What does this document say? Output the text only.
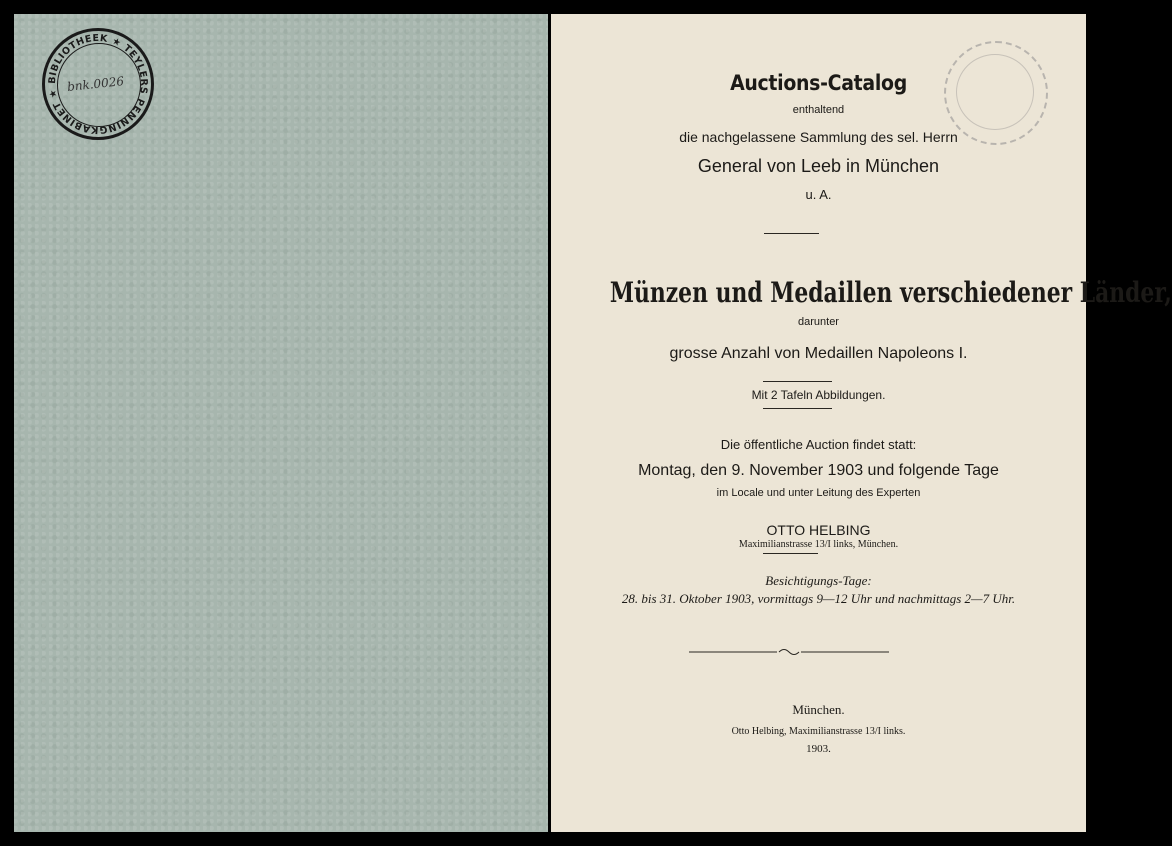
BIBLIOTHEEK ★ TEYLERS PENNINGKABINET ★ bnk.0026	Auctions-Catalog
enthaltend
die nachgelassene Sammlung des sel. Herrn
General von Leeb in München
u. A.
Münzen und Medaillen verschiedener Länder,
darunter
grosse Anzahl von Medaillen Napoleons I.
Mit 2 Tafeln Abbildungen.
Die öffentliche Auction findet statt:
Montag, den 9. November 1903 und folgende Tage
im Locale und unter Leitung des Experten
OTTO HELBING
Maximilianstrasse 13/I links, München.
Besichtigungs-Tage:
28. bis 31. Oktober 1903, vormittags 9—12 Uhr und nachmittags 2—7 Uhr.
München.
Otto Helbing, Maximilianstrasse 13/I links.
1903.
